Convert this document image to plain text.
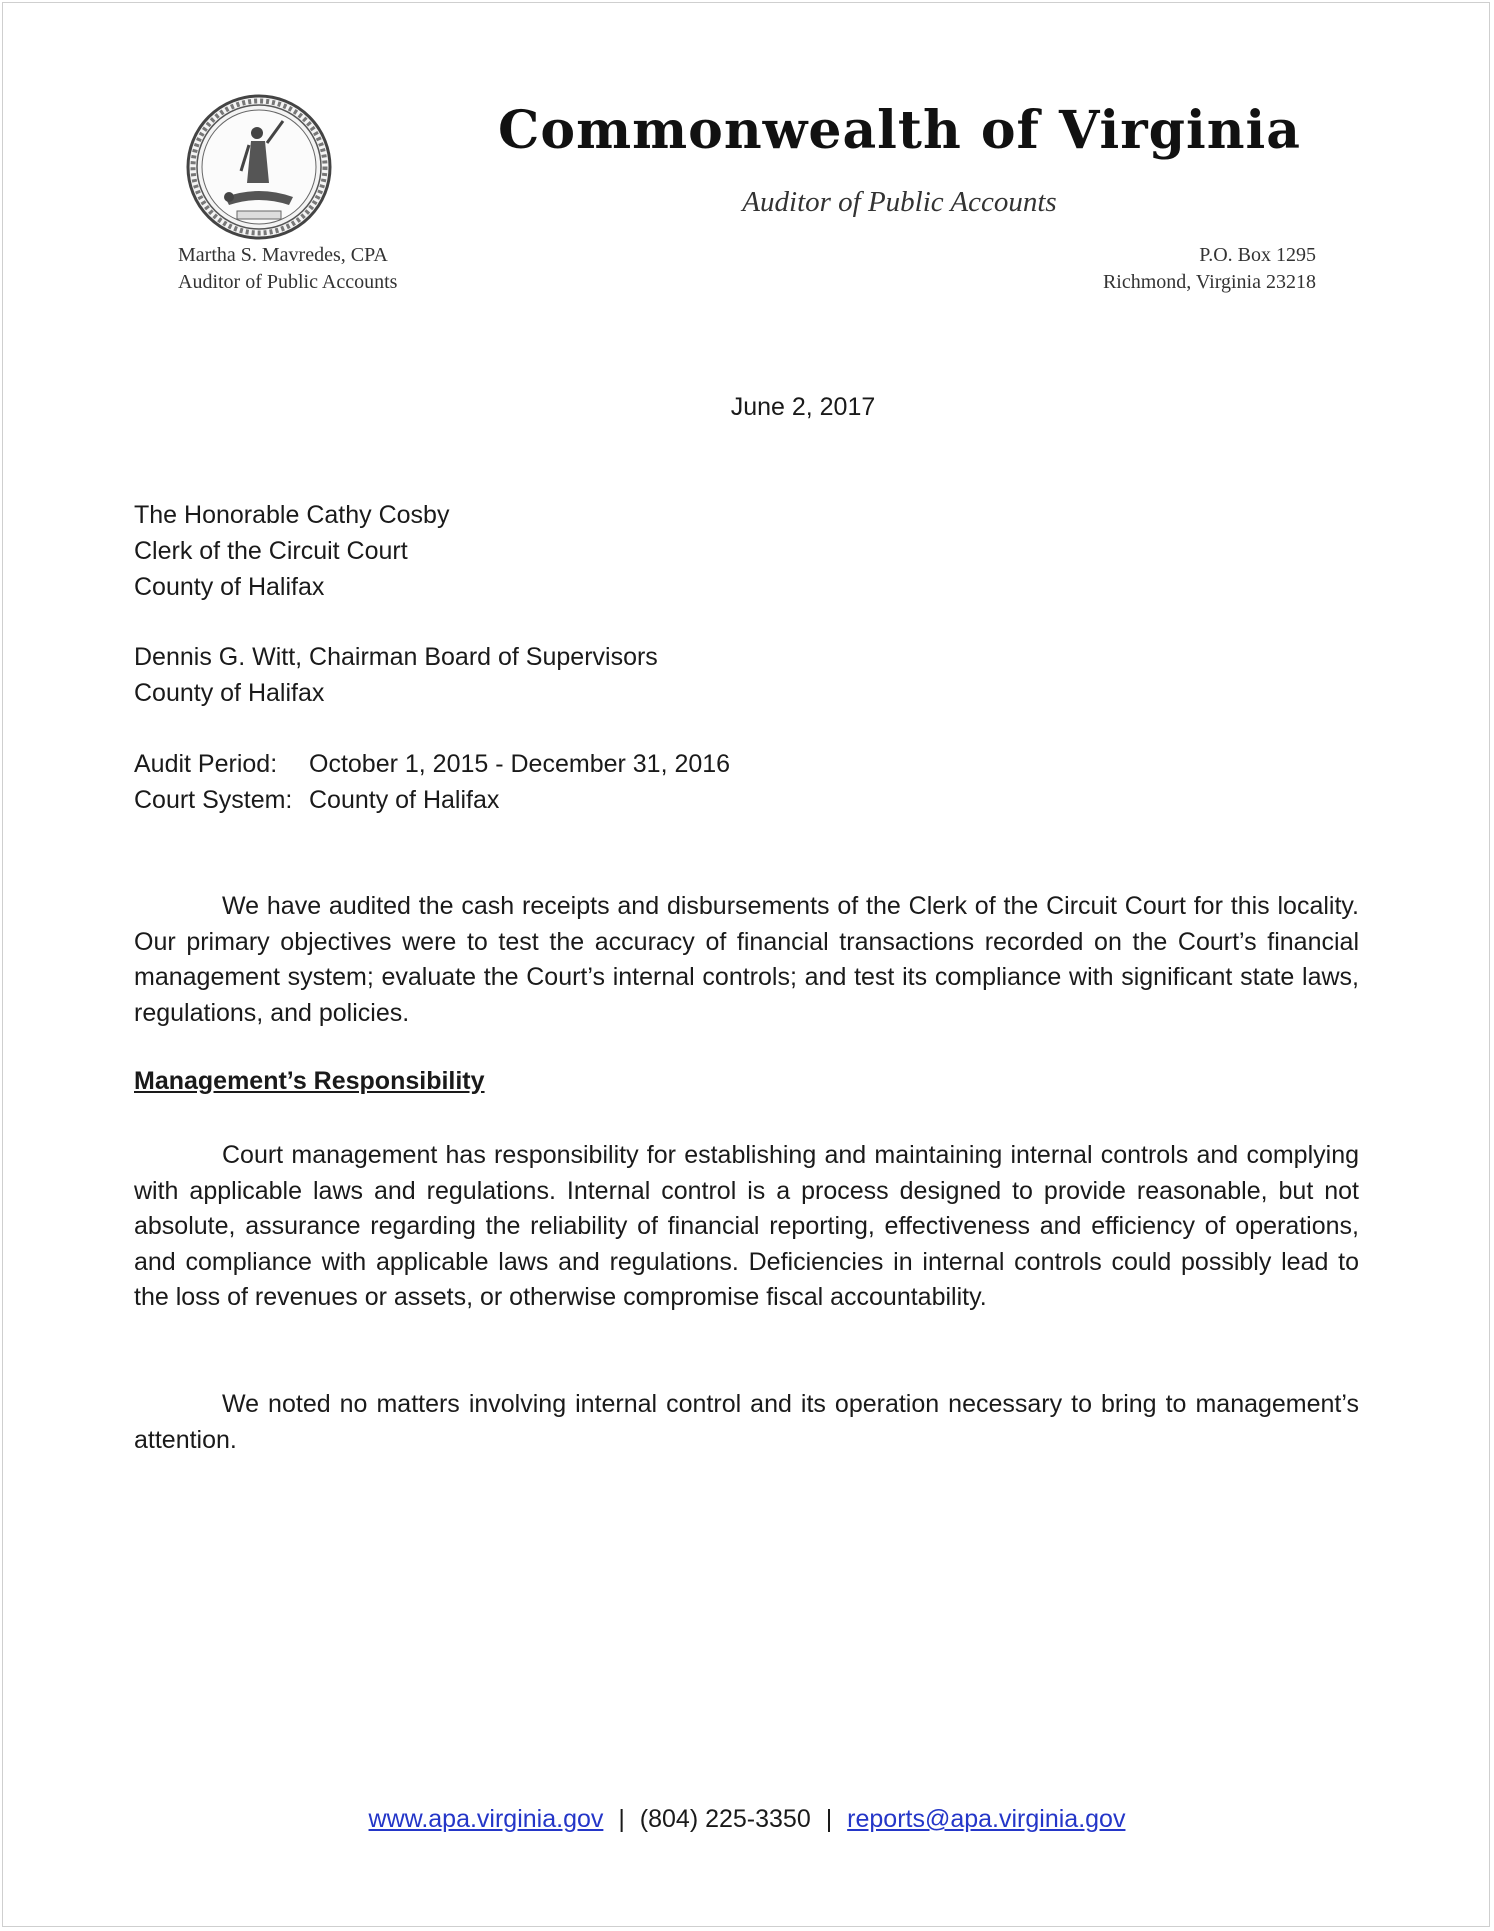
Commonwealth of Virginia
Auditor of Public Accounts
Martha S. Mavredes, CPA
Auditor of Public Accounts
P.O. Box 1295
Richmond, Virginia 23218
June 2, 2017
The Honorable Cathy Cosby
Clerk of the Circuit Court
County of Halifax
Dennis G. Witt, Chairman Board of Supervisors
County of Halifax
Audit Period:	October 1, 2015 - December 31, 2016
Court System: County of Halifax

We have audited the cash receipts and disbursements of the Clerk of the Circuit Court for this locality. Our primary objectives were to test the accuracy of financial transactions recorded on the Court’s financial management system; evaluate the Court’s internal controls; and test its compliance with significant state laws, regulations, and policies.

Management’s Responsibility

Court management has responsibility for establishing and maintaining internal controls and complying with applicable laws and regulations. Internal control is a process designed to provide reasonable, but not absolute, assurance regarding the reliability of financial reporting, effectiveness and efficiency of operations, and compliance with applicable laws and regulations. Deficiencies in internal controls could possibly lead to the loss of revenues or assets, or otherwise compromise fiscal accountability.

We noted no matters involving internal control and its operation necessary to bring to management’s attention.

www.apa.virginia.gov | (804) 225-3350 | reports@apa.virginia.gov
